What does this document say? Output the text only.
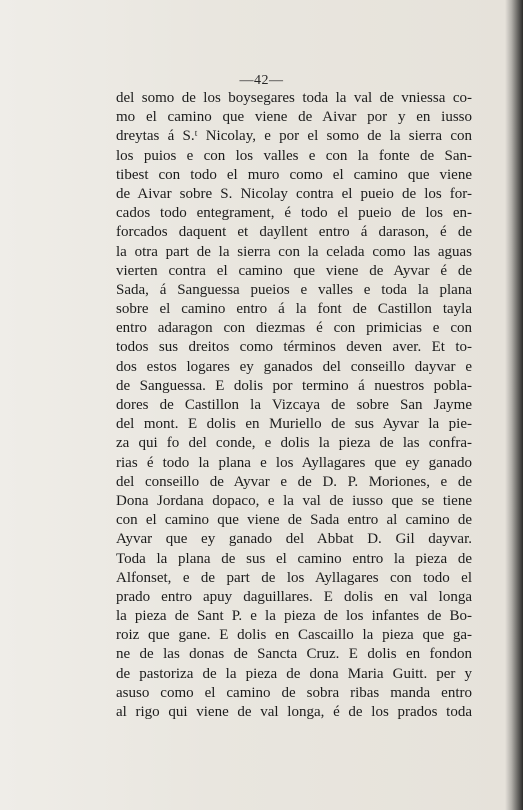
—42—
del somo de los boysegares toda la val de vniessa co-
mo el camino que viene de Aivar por y en iusso
dreytas á S.ᵗ Nicolay, e por el somo de la sierra con
los puios e con los valles e con la fonte de San-
tibest con todo el muro como el camino que viene
de Aivar sobre S. Nicolay contra el pueio de los for-
cados todo entegrament, é todo el pueio de los en-
forcados daquent et dayllent entro á darason, é de
la otra part de la sierra con la celada como las aguas
vierten contra el camino que viene de Ayvar é de
Sada, á Sanguessa pueios e valles e toda la plana
sobre el camino entro á la font de Castillon tayla
entro adaragon con diezmas é con primicias e con
todos sus dreitos como términos deven aver. Et to-
dos estos logares ey ganados del conseillo dayvar e
de Sanguessa. E dolis por termino á nuestros pobla-
dores de Castillon la Vizcaya de sobre San Jayme
del mont. E dolis en Muriello de sus Ayvar la pie-
za qui fo del conde, e dolis la pieza de las confra-
rias é todo la plana e los Ayllagares que ey ganado
del conseillo de Ayvar e de D. P. Moriones, e de
Dona Jordana dopaco, e la val de iusso que se tiene
con el camino que viene de Sada entro al camino de
Ayvar que ey ganado del Abbat D. Gil dayvar.
Toda la plana de sus el camino entro la pieza de
Alfonset, e de part de los Ayllagares con todo el
prado entro apuy daguillares. E dolis en val longa
la pieza de Sant P. e la pieza de los infantes de Bo-
roiz que gane. E dolis en Cascaillo la pieza que ga-
ne de las donas de Sancta Cruz. E dolis en fondon
de pastoriza de la pieza de dona Maria Guitt. per y
asuso como el camino de sobra ribas manda entro
al rigo qui viene de val longa, é de los prados toda
